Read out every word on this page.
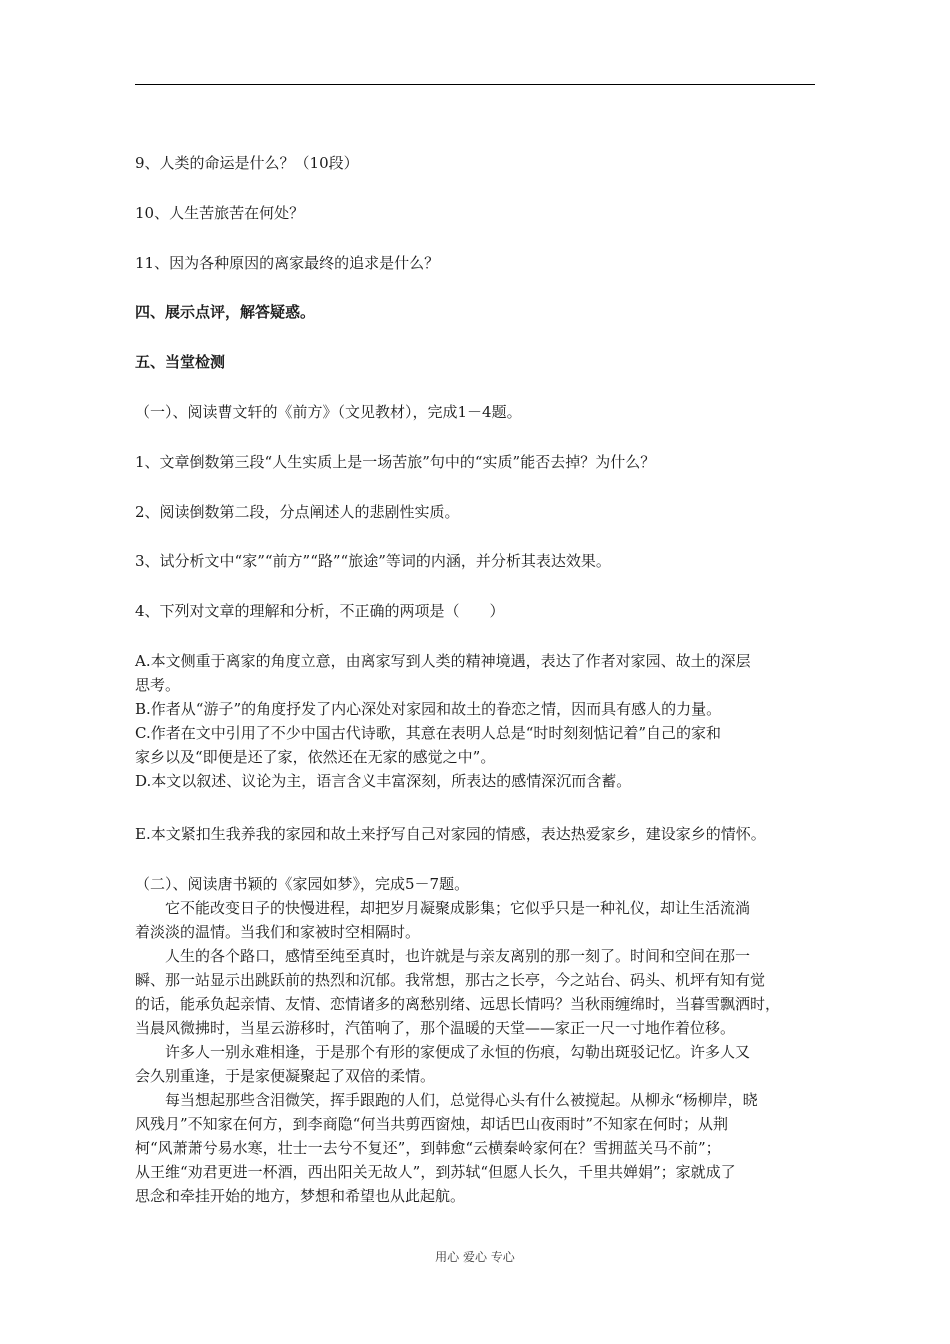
9、人类的命运是什么？（10段）
10、人生苦旅苦在何处？
11、因为各种原因的离家最终的追求是什么？
四、展示点评，解答疑惑。
五、当堂检测
（一）、阅读曹文轩的《前方》（文见教材），完成1－4题。
1、文章倒数第三段“人生实质上是一场苦旅”句中的“实质”能否去掉？为什么？
2、阅读倒数第二段，分点阐述人的悲剧性实质。
3、试分析文中“家”“前方”“路”“旅途”等词的内涵，并分析其表达效果。
4、下列对文章的理解和分析，不正确的两项是（　　）
A.本文侧重于离家的角度立意，由离家写到人类的精神境遇，表达了作者对家园、故土的深层
思考。
B.作者从“游子”的角度抒发了内心深处对家园和故土的眷恋之情，因而具有感人的力量。
C.作者在文中引用了不少中国古代诗歌，其意在表明人总是“时时刻刻惦记着”自己的家和
家乡以及“即便是还了家，依然还在无家的感觉之中”。
D.本文以叙述、议论为主，语言含义丰富深刻，所表达的感情深沉而含蓄。
E.本文紧扣生我养我的家园和故土来抒写自己对家园的情感，表达热爱家乡，建设家乡的情怀。
（二）、阅读唐书颖的《家园如梦》，完成5－7题。
它不能改变日子的快慢进程，却把岁月凝聚成影集；它似乎只是一种礼仪，却让生活流淌
着淡淡的温情。当我们和家被时空相隔时。
人生的各个路口，感情至纯至真时，也许就是与亲友离别的那一刻了。时间和空间在那一
瞬、那一站显示出跳跃前的热烈和沉郁。我常想，那古之长亭，今之站台、码头、机坪有知有觉
的话，能承负起亲情、友情、恋情诸多的离愁别绪、远思长情吗？当秋雨缠绵时，当暮雪飘洒时，
当晨风微拂时，当星云游移时，汽笛响了，那个温暖的天堂——家正一尺一寸地作着位移。
许多人一别永难相逢，于是那个有形的家便成了永恒的伤痕，勾勒出斑驳记忆。许多人又
会久别重逢，于是家便凝聚起了双倍的柔情。
每当想起那些含泪微笑，挥手跟跑的人们，总觉得心头有什么被搅起。从柳永“杨柳岸，晓
风残月”不知家在何方，到李商隐“何当共剪西窗烛，却话巴山夜雨时”不知家在何时；从荆
柯“风萧萧兮易水寒，壮士一去兮不复还”，到韩愈“云横秦岭家何在？雪拥蓝关马不前”；
从王维“劝君更进一杯酒，西出阳关无故人”，到苏轼“但愿人长久，千里共婵娟”；家就成了
思念和牵挂开始的地方，梦想和希望也从此起航。
用心 爱心 专心
